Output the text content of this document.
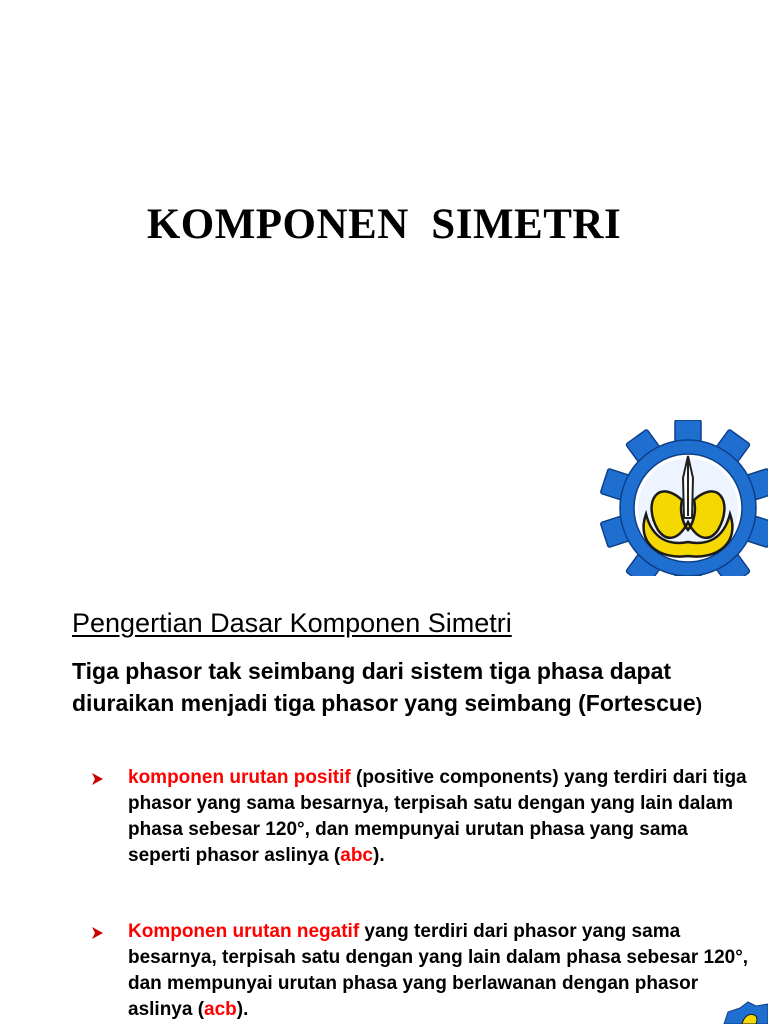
KOMPONEN  SIMETRI
Pengertian Dasar Komponen Simetri
Tiga phasor tak seimbang dari sistem tiga phasa dapat diuraikan menjadi tiga phasor yang seimbang (Fortescue)
komponen urutan positif (positive components) yang terdiri dari tiga phasor yang sama besarnya, terpisah satu dengan yang lain dalam phasa sebesar 120°, dan mempunyai urutan phasa yang sama seperti phasor aslinya (abc).
Komponen urutan negatif yang terdiri dari phasor yang sama besarnya, terpisah satu dengan yang lain dalam phasa sebesar 120°, dan mempunyai urutan phasa yang berlawanan dengan phasor aslinya (acb).
